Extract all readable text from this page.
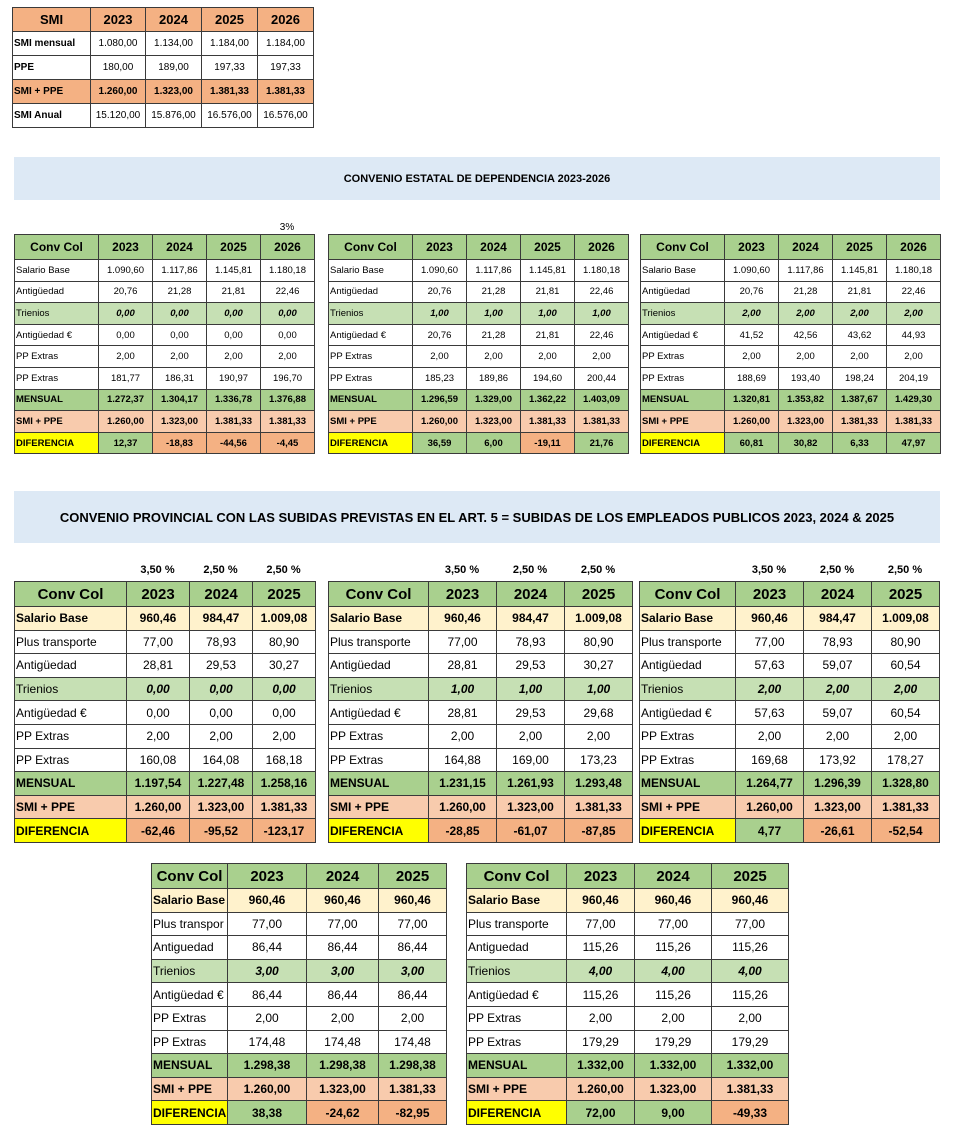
SMI	2023	2024	2025	2026
SMI mensual	1.080,00	1.134,00	1.184,00	1.184,00
PPE	180,00	189,00	197,33	197,33
SMI + PPE	1.260,00	1.323,00	1.381,33	1.381,33
SMI Anual	15.120,00	15.876,00	16.576,00	16.576,00
CONVENIO ESTATAL DE DEPENDENCIA 2023-2026
3%
Conv Col	2023	2024	2025	2026
Salario Base	1.090,60	1.117,86	1.145,81	1.180,18
Antigüedad	20,76	21,28	21,81	22,46
Trienios	0,00	0,00	0,00	0,00
Antigüedad €	0,00	0,00	0,00	0,00
PP Extras	2,00	2,00	2,00	2,00
PP Extras	181,77	186,31	190,97	196,70
MENSUAL	1.272,37	1.304,17	1.336,78	1.376,88
SMI + PPE	1.260,00	1.323,00	1.381,33	1.381,33
DIFERENCIA	12,37	-18,83	-44,56	-4,45
Conv Col	2023	2024	2025	2026
Salario Base	1.090,60	1.117,86	1.145,81	1.180,18
Antigüedad	20,76	21,28	21,81	22,46
Trienios	1,00	1,00	1,00	1,00
Antigüedad €	20,76	21,28	21,81	22,46
PP Extras	2,00	2,00	2,00	2,00
PP Extras	185,23	189,86	194,60	200,44
MENSUAL	1.296,59	1.329,00	1.362,22	1.403,09
SMI + PPE	1.260,00	1.323,00	1.381,33	1.381,33
DIFERENCIA	36,59	6,00	-19,11	21,76
Conv Col	2023	2024	2025	2026
Salario Base	1.090,60	1.117,86	1.145,81	1.180,18
Antigüedad	20,76	21,28	21,81	22,46
Trienios	2,00	2,00	2,00	2,00
Antigüedad €	41,52	42,56	43,62	44,93
PP Extras	2,00	2,00	2,00	2,00
PP Extras	188,69	193,40	198,24	204,19
MENSUAL	1.320,81	1.353,82	1.387,67	1.429,30
SMI + PPE	1.260,00	1.323,00	1.381,33	1.381,33
DIFERENCIA	60,81	30,82	6,33	47,97
CONVENIO PROVINCIAL CON LAS SUBIDAS PREVISTAS EN EL ART. 5 = SUBIDAS DE LOS EMPLEADOS PUBLICOS 2023, 2024 & 2025
3,50 %	2,50 %	2,50 %
Conv Col	2023	2024	2025
Salario Base	960,46	984,47	1.009,08
Plus transporte	77,00	78,93	80,90
Antigüedad	28,81	29,53	30,27
Trienios	0,00	0,00	0,00
Antigüedad €	0,00	0,00	0,00
PP Extras	2,00	2,00	2,00
PP Extras	160,08	164,08	168,18
MENSUAL	1.197,54	1.227,48	1.258,16
SMI + PPE	1.260,00	1.323,00	1.381,33
DIFERENCIA	-62,46	-95,52	-123,17
3,50 %	2,50 %	2,50 %
Conv Col	2023	2024	2025
Salario Base	960,46	984,47	1.009,08
Plus transporte	77,00	78,93	80,90
Antigüedad	28,81	29,53	30,27
Trienios	1,00	1,00	1,00
Antigüedad €	28,81	29,53	29,68
PP Extras	2,00	2,00	2,00
PP Extras	164,88	169,00	173,23
MENSUAL	1.231,15	1.261,93	1.293,48
SMI + PPE	1.260,00	1.323,00	1.381,33
DIFERENCIA	-28,85	-61,07	-87,85
3,50 %	2,50 %	2,50 %
Conv Col	2023	2024	2025
Salario Base	960,46	984,47	1.009,08
Plus transporte	77,00	78,93	80,90
Antigüedad	57,63	59,07	60,54
Trienios	2,00	2,00	2,00
Antigüedad €	57,63	59,07	60,54
PP Extras	2,00	2,00	2,00
PP Extras	169,68	173,92	178,27
MENSUAL	1.264,77	1.296,39	1.328,80
SMI + PPE	1.260,00	1.323,00	1.381,33
DIFERENCIA	4,77	-26,61	-52,54
Conv Col	2023	2024	2025
Salario Base	960,46	960,46	960,46
Plus transpor	77,00	77,00	77,00
Antiguedad	86,44	86,44	86,44
Trienios	3,00	3,00	3,00
Antigüedad €	86,44	86,44	86,44
PP Extras	2,00	2,00	2,00
PP Extras	174,48	174,48	174,48
MENSUAL	1.298,38	1.298,38	1.298,38
SMI + PPE	1.260,00	1.323,00	1.381,33
DIFERENCIA	38,38	-24,62	-82,95
Conv Col	2023	2024	2025
Salario Base	960,46	960,46	960,46
Plus transporte	77,00	77,00	77,00
Antiguedad	115,26	115,26	115,26
Trienios	4,00	4,00	4,00
Antigüedad €	115,26	115,26	115,26
PP Extras	2,00	2,00	2,00
PP Extras	179,29	179,29	179,29
MENSUAL	1.332,00	1.332,00	1.332,00
SMI + PPE	1.260,00	1.323,00	1.381,33
DIFERENCIA	72,00	9,00	-49,33
